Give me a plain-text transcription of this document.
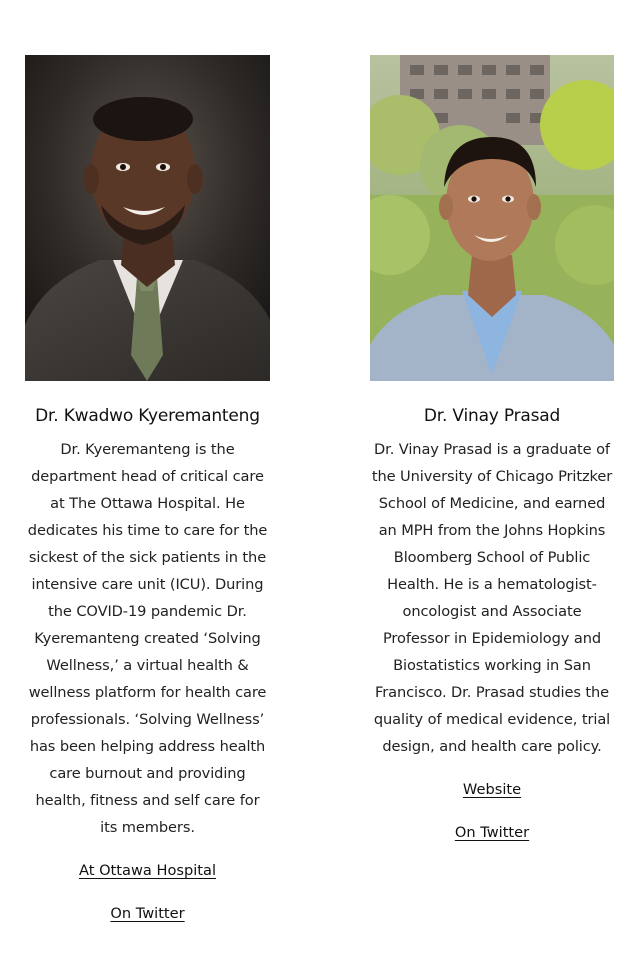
Dr. Kwadwo Kyeremanteng

Dr. Kyeremanteng is the department head of critical care at The Ottawa Hospital. He dedicates his time to care for the sickest of the sick patients in the intensive care unit (ICU). During the COVID-19 pandemic Dr. Kyeremanteng created ‘Solving Wellness,’ a virtual health & wellness platform for health care professionals. ‘Solving Wellness’ has been helping address health care burnout and providing health, fitness and self care for its members.

At Ottawa Hospital
On Twitter
Dr. Vinay Prasad

Dr. Vinay Prasad is a graduate of the University of Chicago Pritzker School of Medicine, and earned an MPH from the Johns Hopkins Bloomberg School of Public Health. He is a hematologist-oncologist and Associate Professor in Epidemiology and Biostatistics working in San Francisco. Dr. Prasad studies the quality of medical evidence, trial design, and health care policy.

Website
On Twitter
